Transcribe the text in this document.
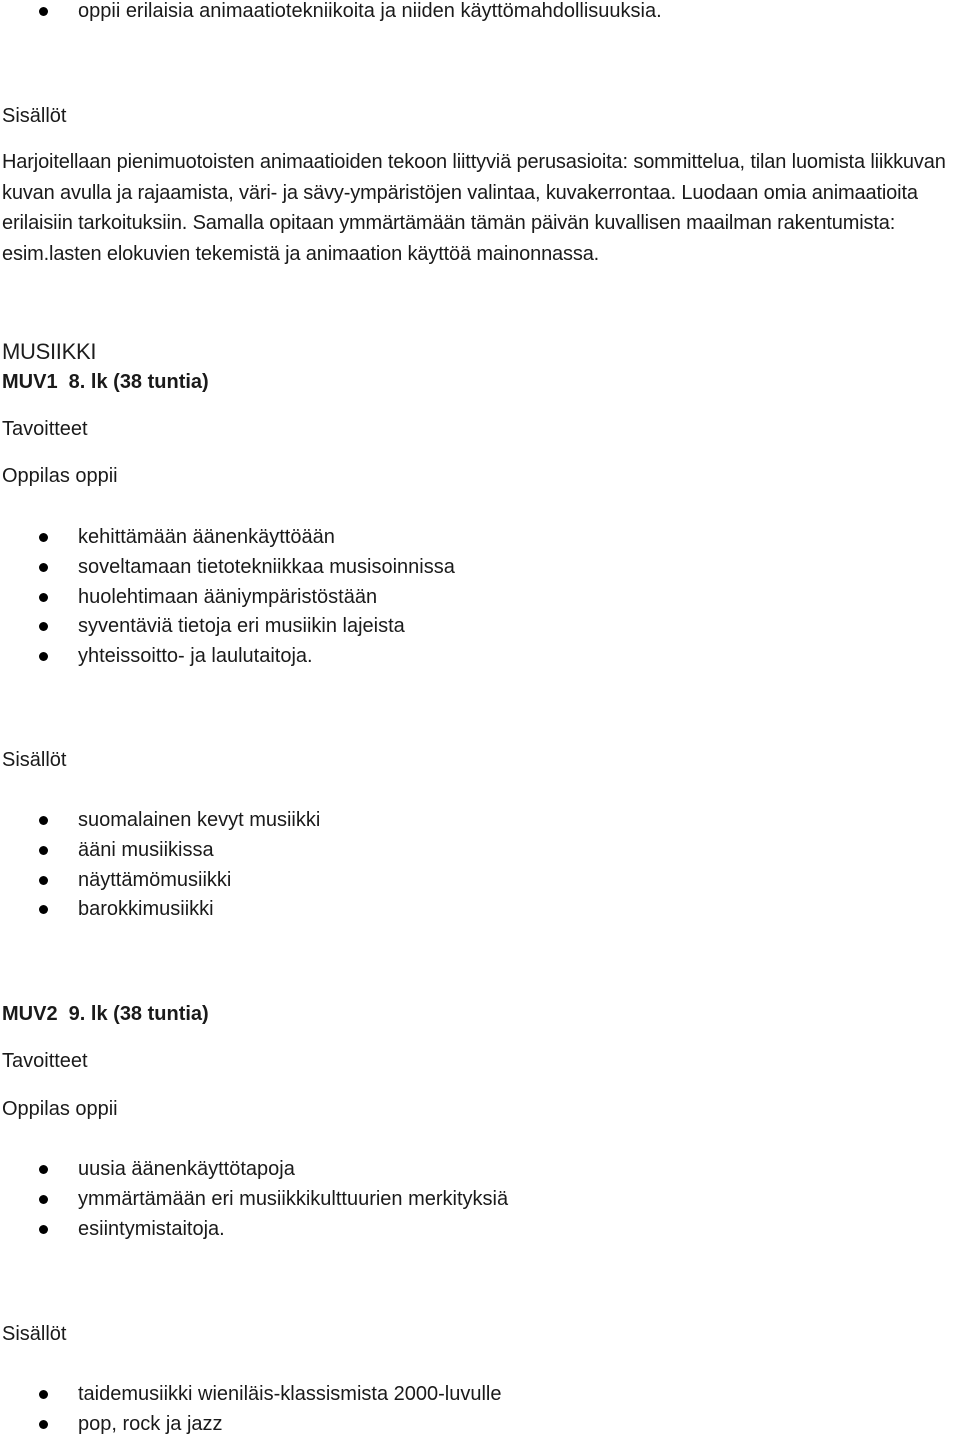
oppii erilaisia animaatiotekniikoita ja niiden käyttömahdollisuuksia.

Sisällöt

Harjoitellaan pienimuotoisten animaatioiden tekoon liittyviä perusasioita: sommittelua, tilan luomista liikkuvan kuvan avulla ja rajaamista, väri- ja sävy-ympäristöjen valintaa, kuvakerrontaa. Luodaan omia animaatioita erilaisiin tarkoituksiin. Samalla opitaan ymmärtämään tämän päivän kuvallisen maailman rakentumista: esim.lasten elokuvien tekemistä ja animaation käyttöä mainonnassa.

MUSIIKKI

MUV1  8. lk (38 tuntia)

Tavoitteet

Oppilas oppii

kehittämään äänenkäyttöään
soveltamaan tietotekniikkaa musisoinnissa
huolehtimaan ääniympäristöstään
syventäviä tietoja eri musiikin lajeista
yhteissoitto- ja laulutaitoja.

Sisällöt

suomalainen kevyt musiikki
ääni musiikissa
näyttämömusiikki
barokkimusiikki

MUV2  9. lk (38 tuntia)

Tavoitteet

Oppilas oppii

uusia äänenkäyttötapoja
ymmärtämään eri musiikkikulttuurien merkityksiä
esiintymistaitoja.

Sisällöt

taidemusiikki wieniläis-klassismista 2000-luvulle
pop, rock ja jazz
